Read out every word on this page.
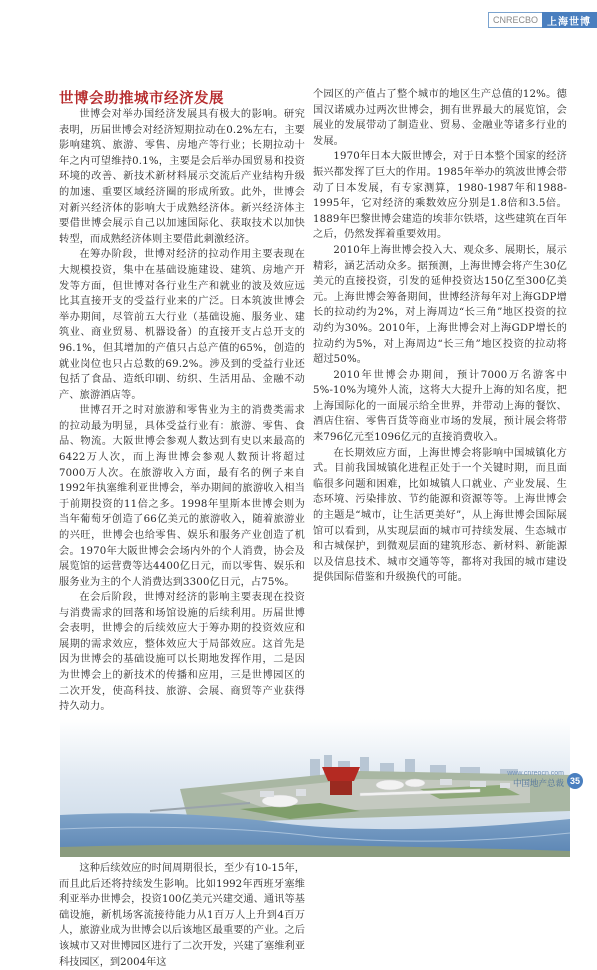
CNRECBO 上海世博
世博会助推城市经济发展

世博会对举办国经济发展具有极大的影响。研究表明，历届世博会对经济短期拉动在0.2%左右，主要影响建筑、旅游、零售、房地产等行业；长期拉动十年之内可望维持0.1%，主要是会后举办国贸易和投资环境的改善、新技术新材料展示交流后产业结构升级的加速、重要区域经济圈的形成所致。此外，世博会对新兴经济体的影响大于成熟经济体。新兴经济体主要借世博会展示自己以加速国际化、获取技术以加快转型，而成熟经济体则主要借此刺激经济。

在筹办阶段，世博对经济的拉动作用主要表现在大规模投资，集中在基础设施建设、建筑、房地产开发等方面，但世博对各行业生产和就业的波及效应远比其直接开支的受益行业来的广泛。日本筑波世博会举办期间，尽管前五大行业（基础设施、服务业、建筑业、商业贸易、机器设备）的直接开支占总开支的96.1%，但其增加的产值只占总产值的65%，创造的就业岗位也只占总数的69.2%。涉及到的受益行业还包括了食品、造纸印刷、纺织、生活用品、金融不动产、旅游酒店等。

世博召开之时对旅游和零售业为主的消费类需求的拉动最为明显，具体受益行业有：旅游、零售、食品、物流。大阪世博会参观人数达到有史以来最高的6422万人次，而上海世博会参观人数预计将超过7000万人次。在旅游收入方面，最有名的例子来自1992年执塞维利亚世博会，举办期间的旅游收入相当于前期投资的11倍之多。1998年里斯本世博会则为当年葡萄牙创造了66亿美元的旅游收入，随着旅游业的兴旺，世博会也给零售、娱乐和服务产业创造了机会。1970年大阪世博会会场内外的个人消费，协会及展览馆的运营费等达4400亿日元，而以零售、娱乐和服务业为主的个人消费达到3300亿日元，占75%。

个园区的产值占了整个城市的地区生产总值的12%。德国汉诺威办过两次世博会，拥有世界最大的展览馆，会展业的发展带动了制造业、贸易、金融业等诸多行业的发展。

1970年日本大阪世博会，对于日本整个国家的经济振兴都发挥了巨大的作用。1985年举办的筑波世博会带动了日本发展，有专家测算，1980-1987年和1988-1995年，它对经济的乘数效应分别是1.8倍和3.5倍。1889年巴黎世博会建造的埃菲尔铁塔，这些建筑在百年之后，仍然发挥着重要效用。

2010年上海世博会投入大、观众多、展期长，展示精彩，涵艺活动众多。据预测，上海世博会将产生30亿美元的直接投资，引发的延伸投资达150亿至300亿美元。上海世博会筹备期间，世博经济每年对上海GDP增长的拉动约为2%，对上海周边“长三角”地区投资的拉动约为30%。2010年，上海世博会对上海GDP增长的拉动约为5%，对上海周边“长三角”地区投资的拉动将超过50%。

2010年世博会办期间，预计7000万名游客中5%-10%为境外人流，这将大大提升上海的知名度，把上海国际化的一面展示给全世界，并带动上海的餐饮、酒店住宿、零售百货等商业市场的发展，预计展会将带来796亿元至1096亿元的直接消费收入。

在长期效应方面，上海世博会将影响中国城镇化方式。目前我国城镇化进程正处于一个关键时期，而且面临很多问题和困难，比如城镇人口就业、产业发展、生态环境、污染排放、节约能源和资源等等。上海世博会的主题是“城市，让生活更美好”，从上海世博会国际展馆可以看到，从实现层面的城市可持续发展、生态城市和古城保护，到微观层面的建筑形态、新材料、新能源以及信息技术、城市交通等等，都将对我国的城市建设提供国际借鉴和升级换代的可能。

在会后阶段，世博对经济的影响主要表现在投资与消费需求的回落和场馆设施的后续利用。历届世博会表明，世博会的后续效应大于筹办期的投资效应和展期的需求效应，整体效应大于局部效应。这首先是因为世博会的基础设施可以长期地发挥作用，二是因为世博会上的新技术的传播和应用，三是世博园区的二次开发，使高科技、旅游、会展、商贸等产业获得持久动力。

这种后续效应的时间周期很长，至少有10-15年，而且此后还将持续发生影响。比如1992年西班牙塞维利亚举办世博会，投资100亿美元兴建交通、通讯等基础设施，新机场客流接待能力从1百万人上升到4百万人，旅游业成为世博会以后该地区最重要的产业。之后该城市又对世博园区进行了二次开发，兴建了塞维利亚科技园区，到2004年这

www.cnreocn.com
中国地产总裁 35
